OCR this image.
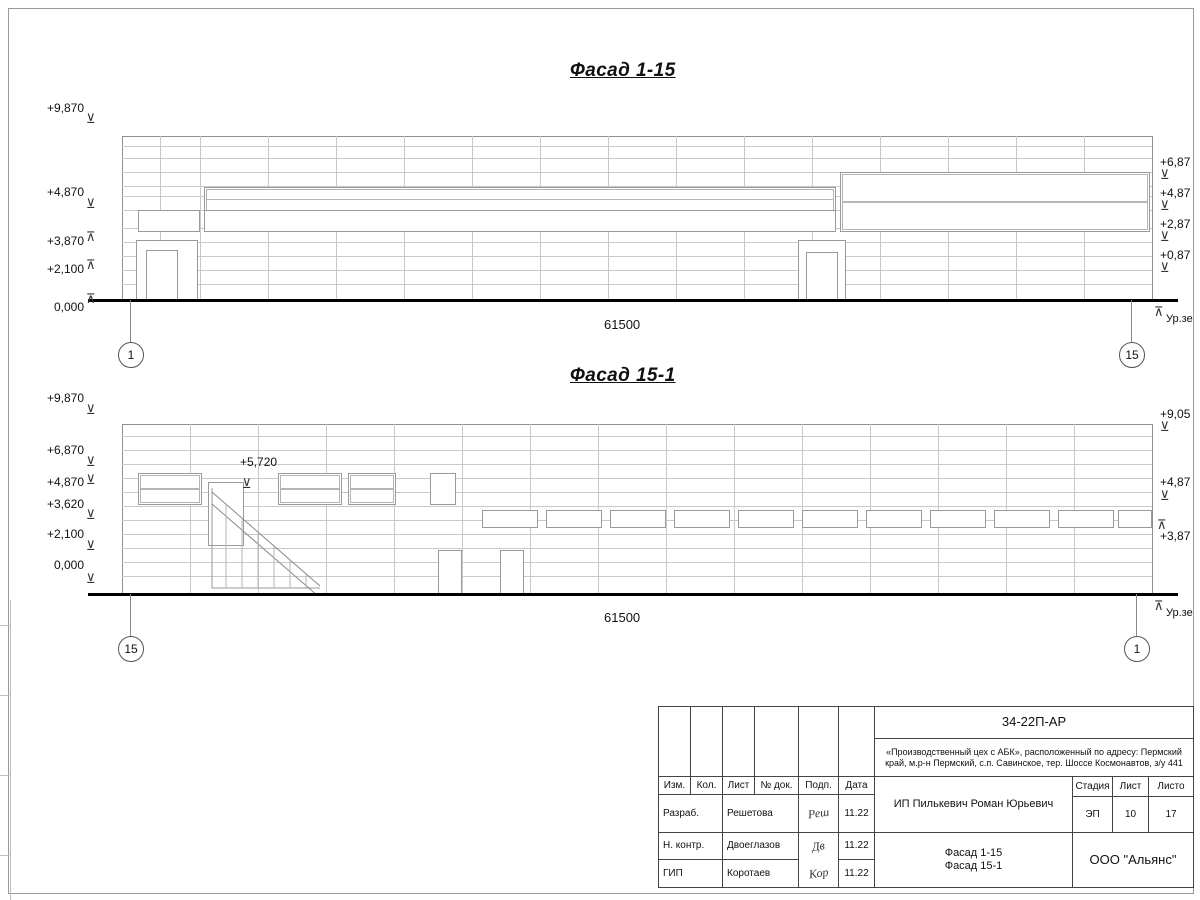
Фасад 1-15
+9,870
⊻
+4,870
⊻
+3,870 ⊼
+2,100 ⊼
0,000
⊼
+6,87
⊻
+4,87
⊻
+2,87
⊻
+0,87
⊻
Ур.зе
⊼
61500
1	15
Фасад 15-1
+9,870
⊻
+6,870
⊻
+4,870 ⊻
+3,620
⊻
+2,100
⊻
0,000
⊻
+5,720
⊻
+9,05
⊻
+4,87
⊻
+3,87
⊼
Ур.зе
⊼
61500
15	1
34-22П-АР
«Производственный цех с АБК», расположенный по адресу: Пермский край, м.р-н Пермский, с.п. Савинское, тер. Шоссе Космонавтов, з/у 441
Изм.	Кол.	Лист	№ док.	Подп.	Дата
Разраб.	Решетова	Реш	11.22
Н. контр.	Двоеглазов	Дв	11.22
ГИП	Коротаев	Кор	11.22
ИП Пилькевич Роман Юрьевич
Стадия	Лист	Листо
ЭП	10	17
Фасад 1-15
Фасад 15-1	ООО "Альянс"
